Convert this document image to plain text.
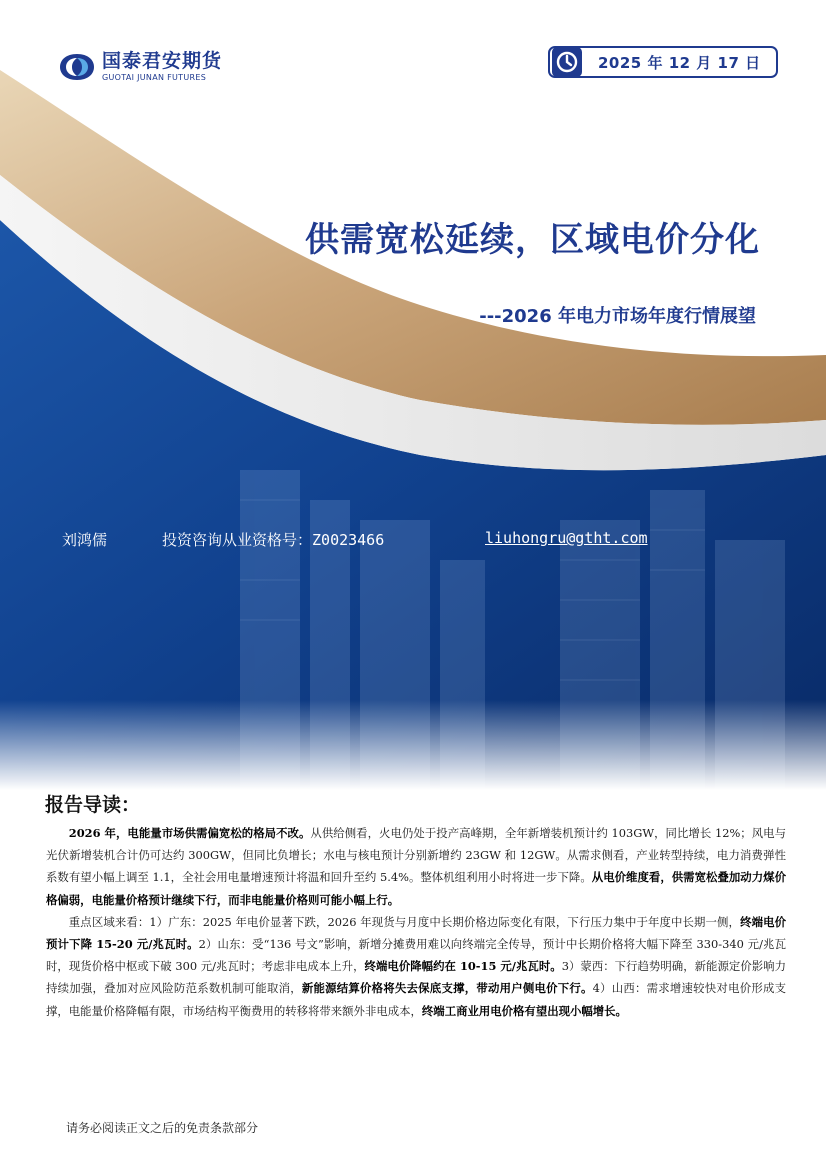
国泰君安期货
GUOTAI JUNAN FUTURES
2025 年 12 月 17 日
供需宽松延续，区域电价分化
---2026 年电力市场年度行情展望
刘鸿儒	投资咨询从业资格号：Z0023466	liuhongru@gtht.com
报告导读：

2026 年，电能量市场供需偏宽松的格局不改。从供给侧看，火电仍处于投产高峰期，全年新增装机预计约 103GW，同比增长 12%；风电与光伏新增装机合计仍可达约 300GW，但同比负增长；水电与核电预计分别新增约 23GW 和 12GW。从需求侧看，产业转型持续，电力消费弹性系数有望小幅上调至 1.1，全社会用电量增速预计将温和回升至约 5.4%。整体机组利用小时将进一步下降。从电价维度看，供需宽松叠加动力煤价格偏弱，电能量价格预计继续下行，而非电能量价格则可能小幅上行。

重点区域来看：1）广东：2025 年电价显著下跌，2026 年现货与月度中长期价格边际变化有限，下行压力集中于年度中长期一侧，终端电价预计下降 15-20 元/兆瓦时。2）山东：受“136 号文”影响，新增分摊费用难以向终端完全传导，预计中长期价格将大幅下降至 330-340 元/兆瓦时，现货价格中枢或下破 300 元/兆瓦时；考虑非电成本上升，终端电价降幅约在 10-15 元/兆瓦时。3）蒙西：下行趋势明确，新能源定价影响力持续加强，叠加对应风险防范系数机制可能取消，新能源结算价格将失去保底支撑，带动用户侧电价下行。4）山西：需求增速较快对电价形成支撑，电能量价格降幅有限，市场结构平衡费用的转移将带来额外非电成本，终端工商业用电价格有望出现小幅增长。

请务必阅读正文之后的免责条款部分
